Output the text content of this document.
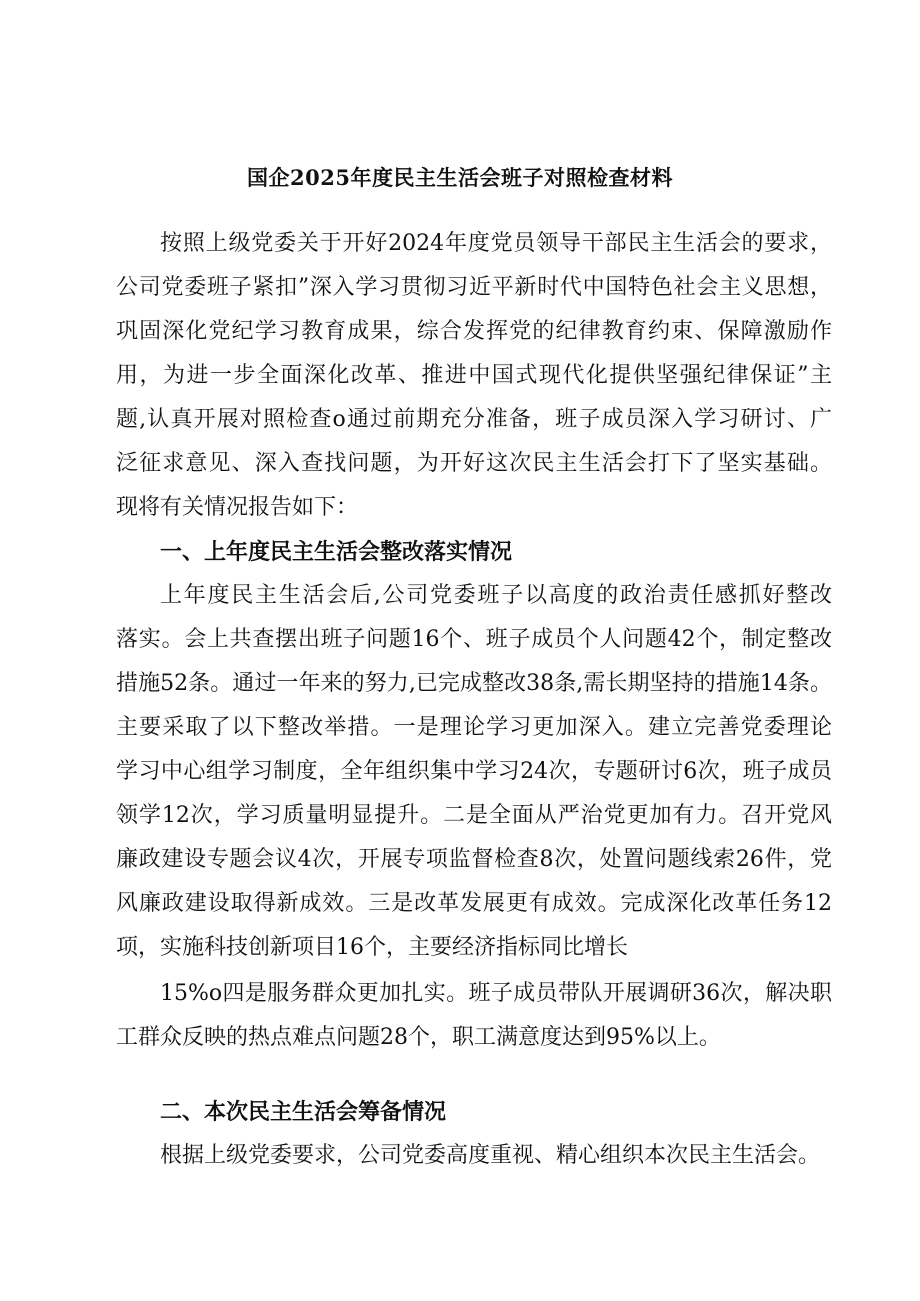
国企2025年度民主生活会班子对照检查材料
按照上级党委关于开好2024年度党员领导干部民主生活会的要求，
公司党委班子紧扣”深入学习贯彻习近平新时代中国特色社会主义思想，
巩固深化党纪学习教育成果，综合发挥党的纪律教育约束、保障激励作
用，为进一步全面深化改革、推进中国式现代化提供坚强纪律保证”主
题,认真开展对照检查o通过前期充分准备，班子成员深入学习研讨、广
泛征求意见、深入查找问题，为开好这次民主生活会打下了坚实基础。
现将有关情况报告如下：
一、上年度民主生活会整改落实情况
上年度民主生活会后,公司党委班子以高度的政治责任感抓好整改
落实。会上共查摆出班子问题16个、班子成员个人问题42个，制定整改
措施52条。通过一年来的努力,已完成整改38条,需长期坚持的措施14条。
主要采取了以下整改举措。一是理论学习更加深入。建立完善党委理论
学习中心组学习制度，全年组织集中学习24次，专题研讨6次，班子成员
领学12次，学习质量明显提升。二是全面从严治党更加有力。召开党风
廉政建设专题会议4次，开展专项监督检查8次，处置问题线索26件，党
风廉政建设取得新成效。三是改革发展更有成效。完成深化改革任务12
项，实施科技创新项目16个，主要经济指标同比增长
15%o四是服务群众更加扎实。班子成员带队开展调研36次，解决职
工群众反映的热点难点问题28个，职工满意度达到95%以上。
二、本次民主生活会筹备情况
根据上级党委要求，公司党委高度重视、精心组织本次民主生活会。
